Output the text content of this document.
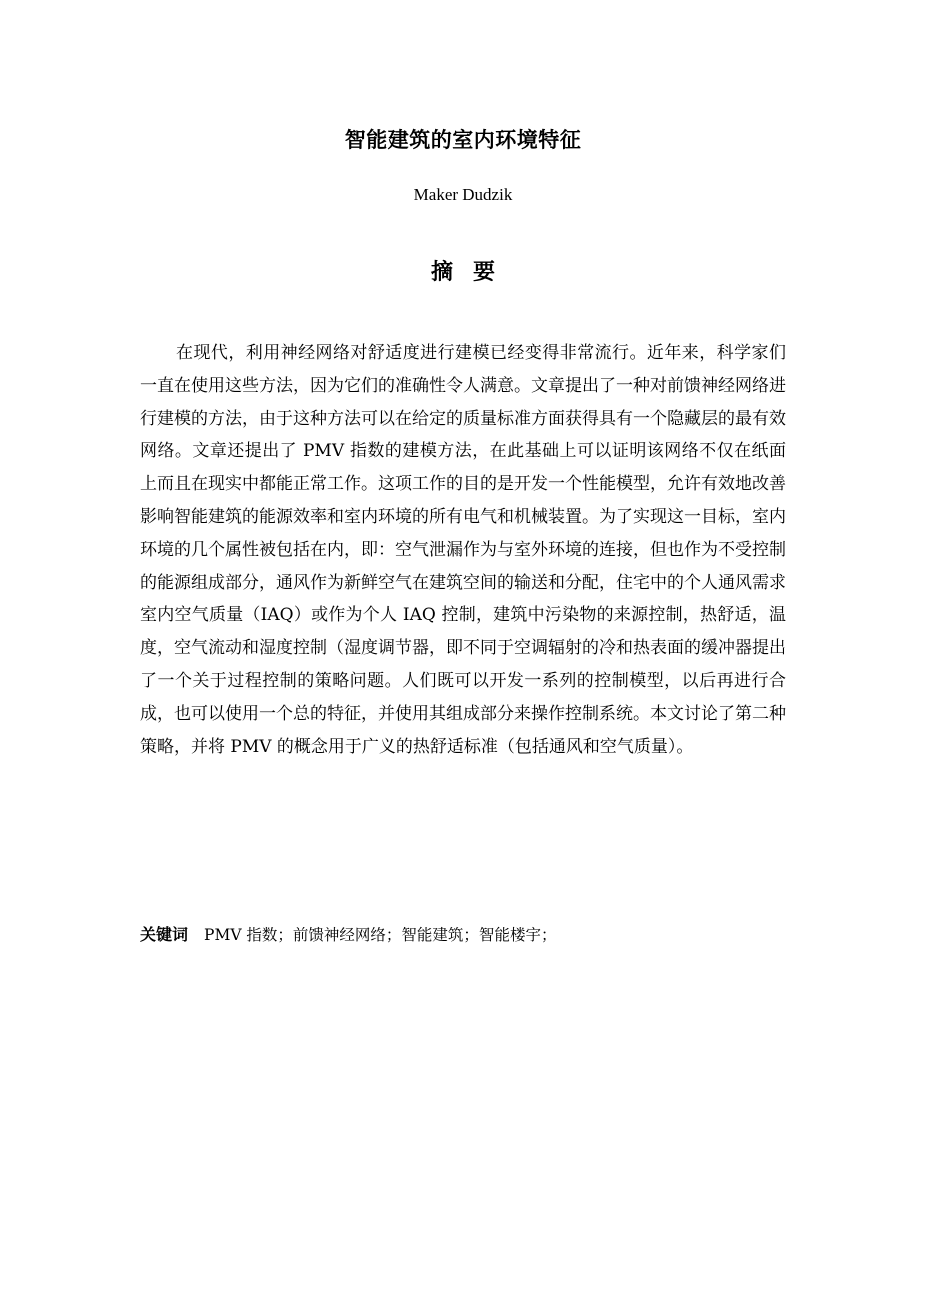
智能建筑的室内环境特征
Maker Dudzik
摘要

在现代，利用神经网络对舒适度进行建模已经变得非常流行。近年来，科学家们一直在使用这些方法，因为它们的准确性令人满意。文章提出了一种对前馈神经网络进行建模的方法，由于这种方法可以在给定的质量标准方面获得具有一个隐藏层的最有效网络。文章还提出了 PMV 指数的建模方法，在此基础上可以证明该网络不仅在纸面上而且在现实中都能正常工作。这项工作的目的是开发一个性能模型，允许有效地改善影响智能建筑的能源效率和室内环境的所有电气和机械装置。为了实现这一目标，室内环境的几个属性被包括在内，即：空气泄漏作为与室外环境的连接，但也作为不受控制的能源组成部分，通风作为新鲜空气在建筑空间的输送和分配，住宅中的个人通风需求室内空气质量（IAQ）或作为个人 IAQ 控制，建筑中污染物的来源控制，热舒适，温度，空气流动和湿度控制（湿度调节器，即不同于空调辐射的冷和热表面的缓冲器提出了一个关于过程控制的策略问题。人们既可以开发一系列的控制模型，以后再进行合成，也可以使用一个总的特征，并使用其组成部分来操作控制系统。本文讨论了第二种策略，并将 PMV 的概念用于广义的热舒适标准（包括通风和空气质量）。

关键词 PMV 指数；前馈神经网络；智能建筑；智能楼宇；
